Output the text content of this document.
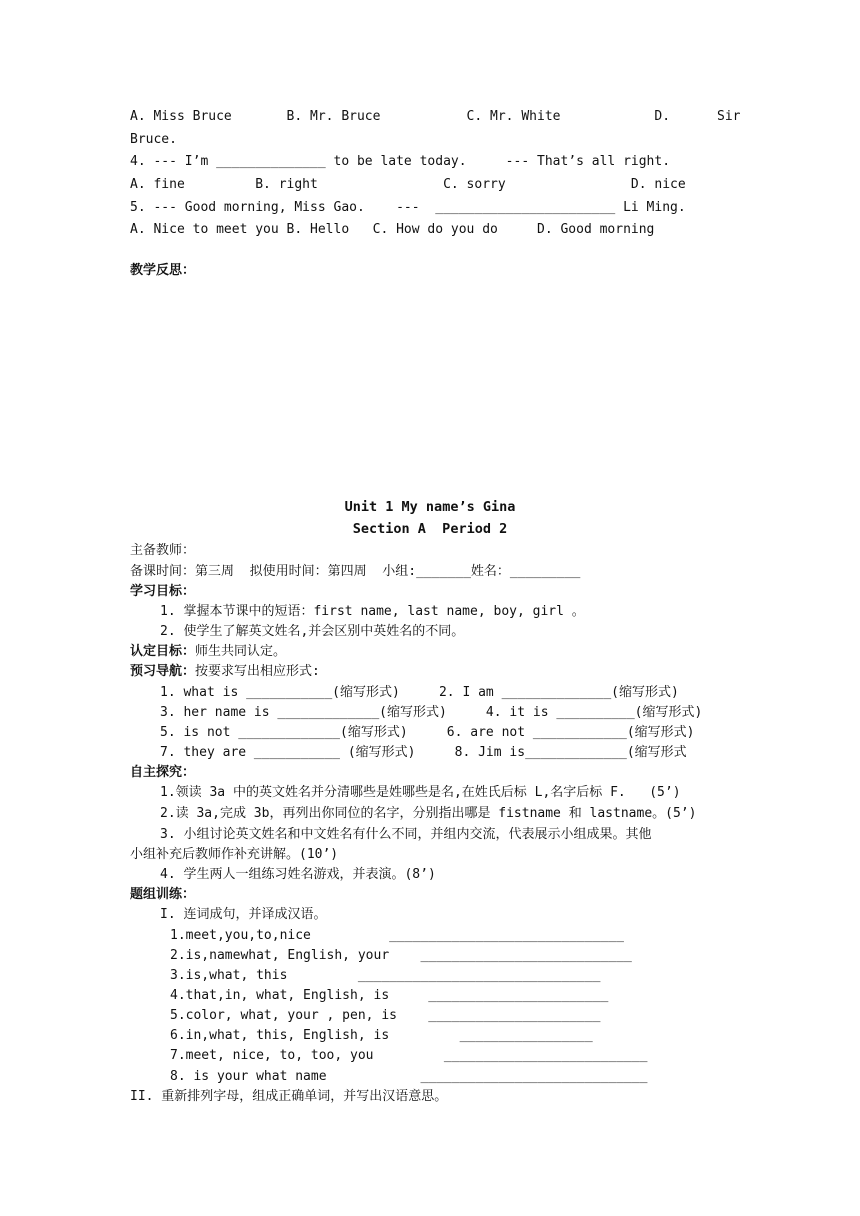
A. Miss Bruce       B. Mr. Bruce           C. Mr. White            D.      Sir
Bruce.
4. --- I’m ______________ to be late today.     --- That’s all right.
A. fine         B. right                C. sorry                D. nice
5. --- Good morning, Miss Gao.    ---  _______________________ Li Ming.
A. Nice to meet you B. Hello   C. How do you do     D. Good morning
教学反思：
Unit 1 My name’s Gina
Section A  Period 2
主备教师：
备课时间：第三周  拟使用时间：第四周  小组:_______姓名：_________
学习目标：
1. 掌握本节课中的短语：first name, last name, boy, girl 。
2. 使学生了解英文姓名,并会区别中英姓名的不同。
认定目标：师生共同认定。
预习导航：按要求写出相应形式:
1. what is ___________(缩写形式)     2. I am ______________(缩写形式)
3. her name is _____________(缩写形式)     4. it is __________(缩写形式)
5. is not _____________(缩写形式)     6. are not ____________(缩写形式)
7. they are ___________ (缩写形式)     8. Jim is_____________(缩写形式
自主探究：
1.领读 3a 中的英文姓名并分清哪些是姓哪些是名,在姓氏后标 L,名字后标 F.   (5’)
2.读 3a,完成 3b，再列出你同位的名字，分别指出哪是 fistname 和 lastname。(5’)
3. 小组讨论英文姓名和中文姓名有什么不同，并组内交流，代表展示小组成果。其他
小组补充后教师作补充讲解。(10’)
4. 学生两人一组练习姓名游戏，并表演。(8’)
题组训练：
I. 连词成句，并译成汉语。
1.meet,you,to,nice          ______________________________
2.is,namewhat, English, your    ___________________________
3.is,what, this         _______________________________
4.that,in, what, English, is     _______________________
5.color, what, your , pen, is    ______________________
6.in,what, this, English, is         _________________
7.meet, nice, to, too, you         __________________________
8. is your what name            _____________________________
II. 重新排列字母，组成正确单词，并写出汉语意思。
